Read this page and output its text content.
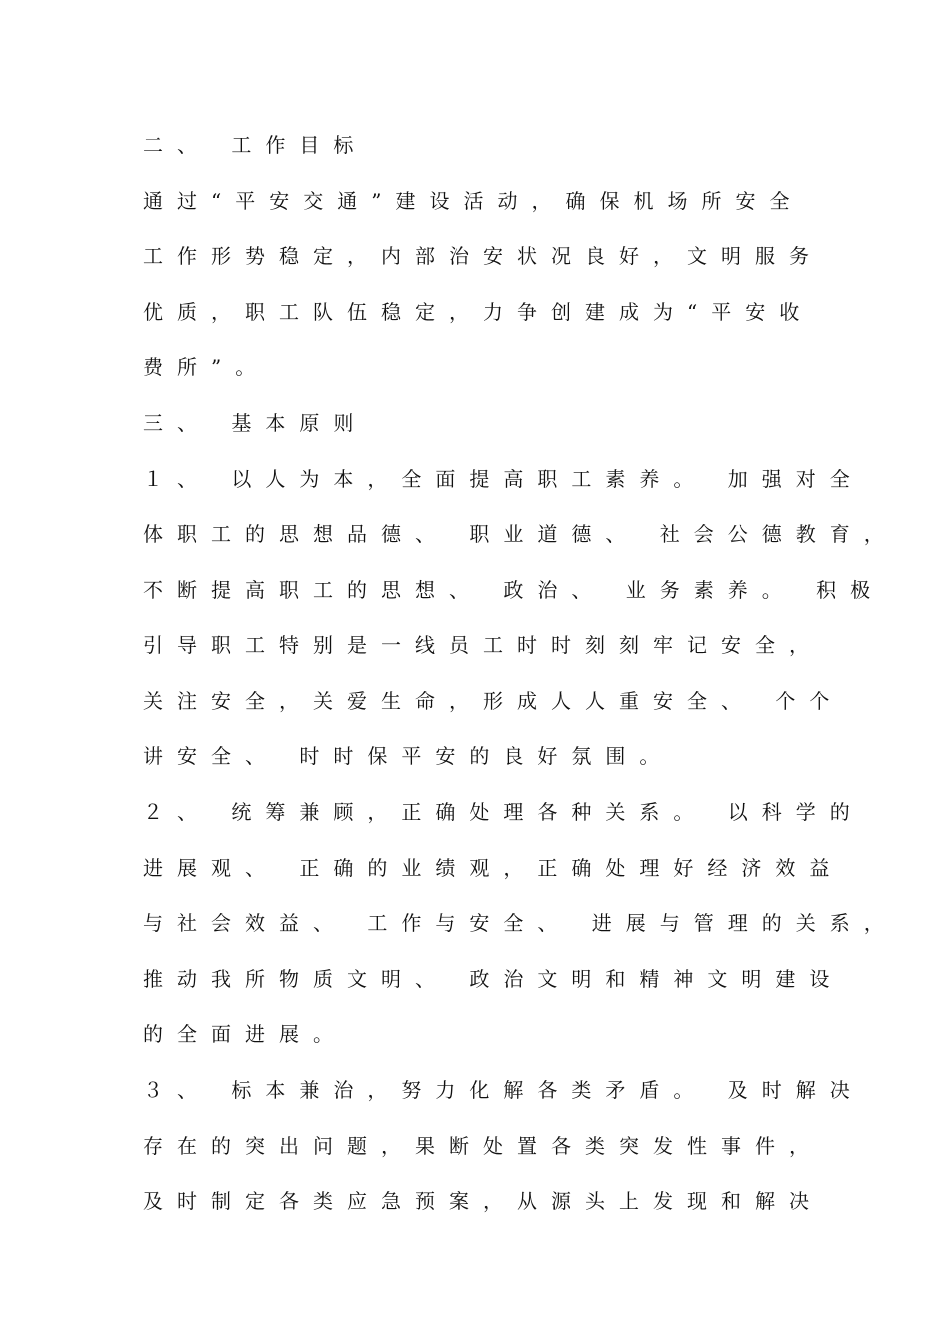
二、 工作目标
通过“平安交通”建设活动，确保机场所安全
工作形势稳定，内部治安状况良好，文明服务
优质，职工队伍稳定，力争创建成为“平安收
费所”。
三、 基本原则
１、 以人为本，全面提高职工素养。 加强对全
体职工的思想品德、 职业道德、 社会公德教育，
不断提高职工的思想、 政治、 业务素养。 积极
引导职工特别是一线员工时时刻刻牢记安全，
关注安全，关爱生命，形成人人重安全、 个个
讲安全、 时时保平安的良好氛围。
２、 统筹兼顾，正确处理各种关系。 以科学的
进展观、 正确的业绩观，正确处理好经济效益
与社会效益、 工作与安全、 进展与管理的关系，
推动我所物质文明、 政治文明和精神文明建设
的全面进展。
３、 标本兼治，努力化解各类矛盾。 及时解决
存在的突出问题，果断处置各类突发性事件，
及时制定各类应急预案，从源头上发现和解决
